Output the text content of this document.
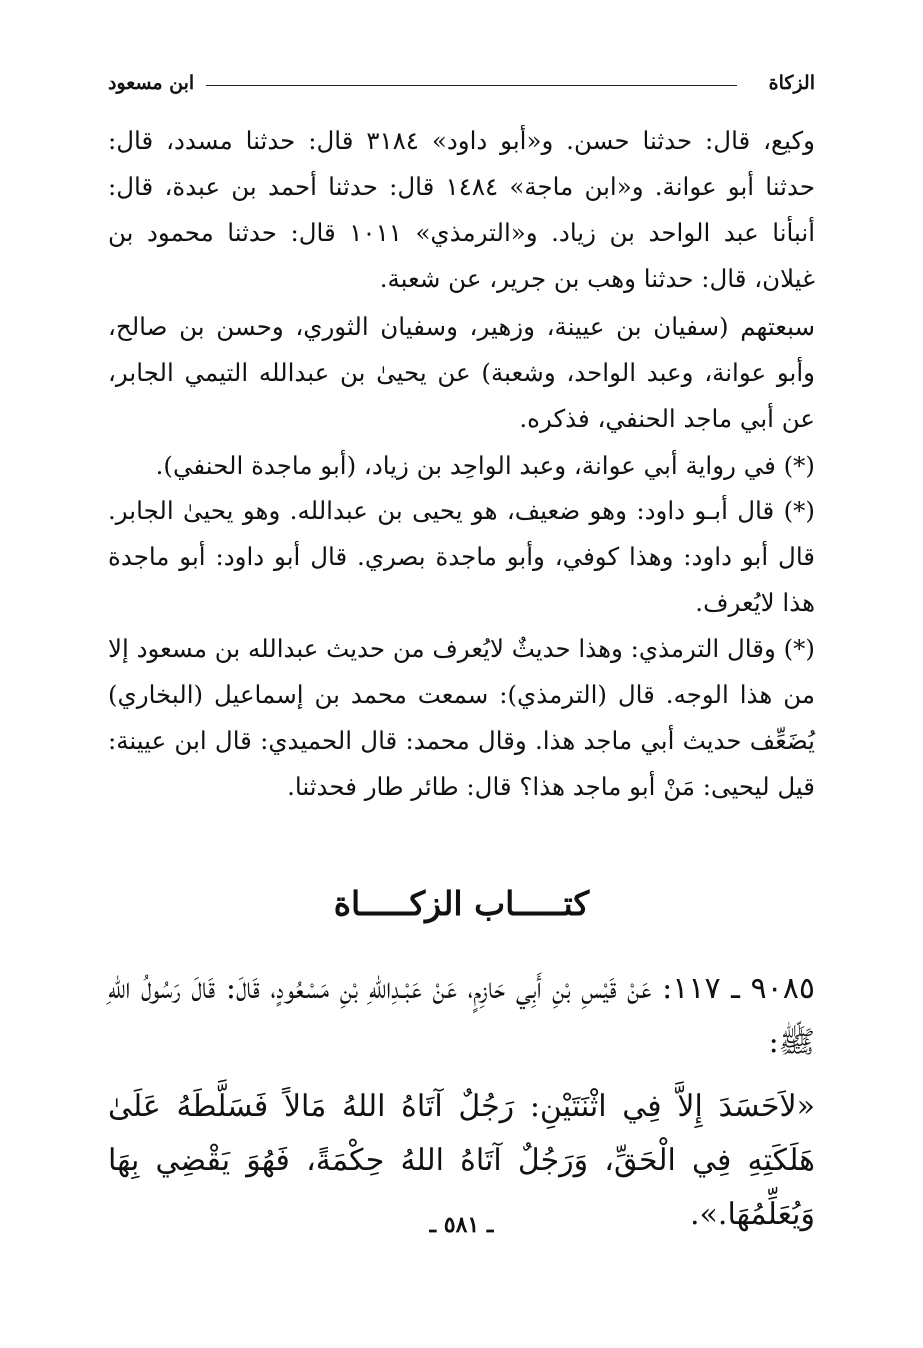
الزكاة
ابن مسعود
وكيع، قال: حدثنا حسن. و«أبو داود» ٣١٨٤ قال: حدثنا مسدد، قال: حدثنا أبو عوانة. و«ابن ماجة» ١٤٨٤ قال: حدثنا أحمد بن عبدة، قال: أنبأنا عبد الواحد بن زياد. و«الترمذي» ١٠١١ قال: حدثنا محمود بن غيلان، قال: حدثنا وهب بن جرير، عن شعبة.
سبعتهم (سفيان بن عيينة، وزهير، وسفيان الثوري، وحسن بن صالح، وأبو عوانة، وعبد الواحد، وشعبة) عن يحيىٰ بن عبدالله التيمي الجابر، عن أبي ماجد الحنفي، فذكره.
(*) في رواية أبي عوانة، وعبد الواحِد بن زياد، (أبو ماجدة الحنفي).
(*) قال أبـو داود: وهو ضعيف، هو يحيى بن عبدالله. وهو يحيىٰ الجابر. قال أبو داود: وهذا كوفي، وأبو ماجدة بصري. قال أبو داود: أبو ماجدة هذا لايُعرف.
(*) وقال الترمذي: وهذا حديثٌ لايُعرف من حديث عبدالله بن مسعود إلا من هذا الوجه. قال (الترمذي): سمعت محمد بن إسماعيل (البخاري) يُضَعِّف حديث أبي ماجد هذا. وقال محمد: قال الحميدي: قال ابن عيينة: قيل ليحيى: مَنْ أبو ماجد هذا؟ قال: طائر طار فحدثنا.
كتـــــاب الزكـــــاة
٩٠٨٥ ـ ١١٧: عَنْ قَيْسِ بْنِ أَبِي حَازِمٍ، عَنْ عَبْـدِاللهِ بْنِ مَسْعُودٍ، قَالَ: قَالَ رَسُولُ اللهِ ﷺ:
«لاَحَسَدَ إِلاَّ فِي اثْنَتَيْنِ: رَجُلٌ آتَاهُ اللهُ مَالاً فَسَلَّطَهُ عَلَىٰ هَلَكَتِهِ فِي الْحَقِّ، وَرَجُلٌ آتَاهُ اللهُ حِكْمَةً، فَهُوَ يَقْضِي بِهَا وَيُعَلِّمُهَا.».
ـ ٥٨١ ـ
